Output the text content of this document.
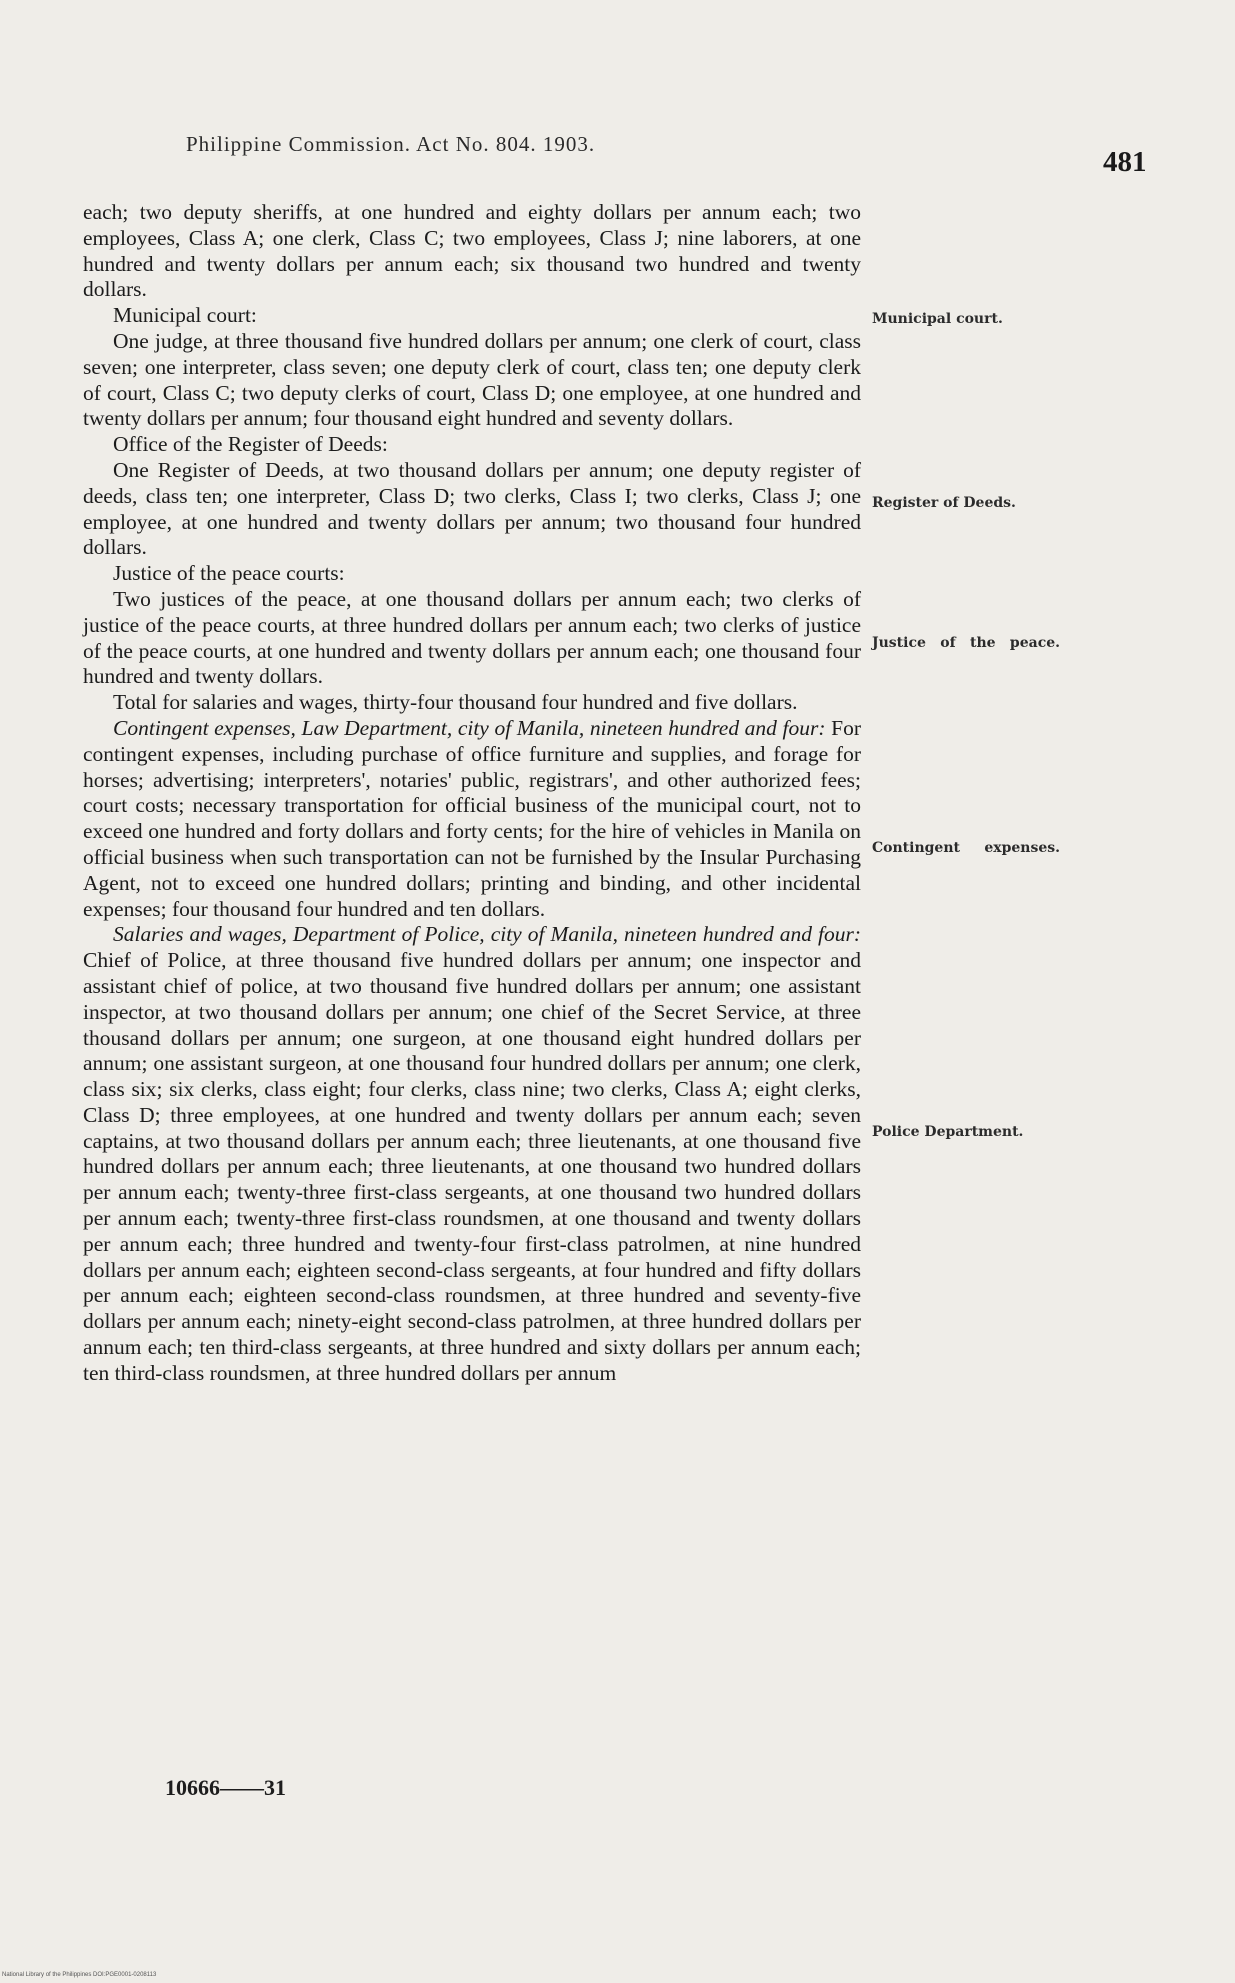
Philippine Commission. Act No. 804. 1903.
481

each; two deputy sheriffs, at one hundred and eighty dollars per annum each; two employees, Class A; one clerk, Class C; two employees, Class J; nine laborers, at one hundred and twenty dollars per annum each; six thousand two hundred and twenty dollars.

Municipal court:

One judge, at three thousand five hundred dollars per annum; one clerk of court, class seven; one interpreter, class seven; one deputy clerk of court, class ten; one deputy clerk of court, Class C; two deputy clerks of court, Class D; one employee, at one hundred and twenty dollars per annum; four thousand eight hundred and seventy dollars.

Office of the Register of Deeds:

One Register of Deeds, at two thousand dollars per annum; one deputy register of deeds, class ten; one interpreter, Class D; two clerks, Class I; two clerks, Class J; one employee, at one hundred and twenty dollars per annum; two thousand four hundred dollars.

Justice of the peace courts:

Two justices of the peace, at one thousand dollars per annum each; two clerks of justice of the peace courts, at three hundred dollars per annum each; two clerks of justice of the peace courts, at one hundred and twenty dollars per annum each; one thousand four hundred and twenty dollars.

Total for salaries and wages, thirty-four thousand four hundred and five dollars.

Contingent expenses, Law Department, city of Manila, nineteen hundred and four: For contingent expenses, including purchase of office furniture and supplies, and forage for horses; advertising; interpreters', notaries' public, registrars', and other authorized fees; court costs; necessary transportation for official business of the municipal court, not to exceed one hundred and forty dollars and forty cents; for the hire of vehicles in Manila on official business when such transportation can not be furnished by the Insular Purchasing Agent, not to exceed one hundred dollars; printing and binding, and other incidental expenses; four thousand four hundred and ten dollars.

Salaries and wages, Department of Police, city of Manila, nineteen hundred and four: Chief of Police, at three thousand five hundred dollars per annum; one inspector and assistant chief of police, at two thousand five hundred dollars per annum; one assistant inspector, at two thousand dollars per annum; one chief of the Secret Service, at three thousand dollars per annum; one surgeon, at one thousand eight hundred dollars per annum; one assistant surgeon, at one thousand four hundred dollars per annum; one clerk, class six; six clerks, class eight; four clerks, class nine; two clerks, Class A; eight clerks, Class D; three employees, at one hundred and twenty dollars per annum each; seven captains, at two thousand dollars per annum each; three lieutenants, at one thousand five hundred dollars per annum each; three lieutenants, at one thousand two hundred dollars per annum each; twenty-three first-class sergeants, at one thousand two hundred dollars per annum each; twenty-three first-class roundsmen, at one thousand and twenty dollars per annum each; three hundred and twenty-four first-class patrolmen, at nine hundred dollars per annum each; eighteen second-class sergeants, at four hundred and fifty dollars per annum each; eighteen second-class roundsmen, at three hundred and seventy-five dollars per annum each; ninety-eight second-class patrolmen, at three hundred dollars per annum each; ten third-class sergeants, at three hundred and sixty dollars per annum each; ten third-class roundsmen, at three hundred dollars per annum

Municipal court.
Register of Deeds.
Justice of the peace.
Contingent expenses.
Police Department.
10666——31
National Library of the Philippines DOI:PGE0001-0208113
